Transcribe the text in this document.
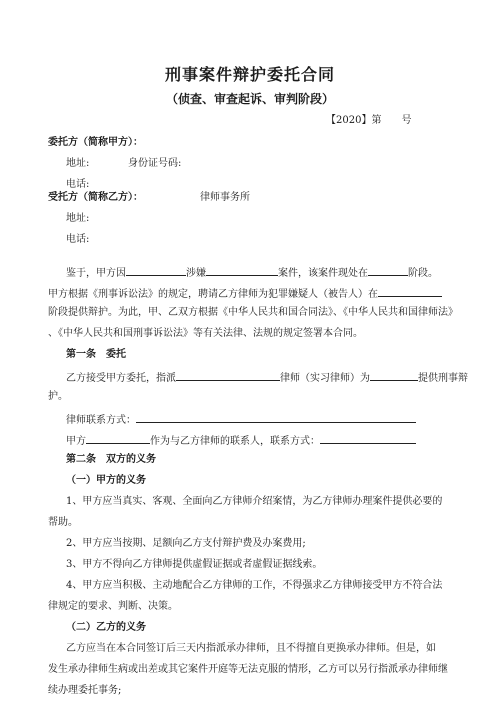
刑事案件辩护委托合同
（侦查、审查起诉、审判阶段）
【2020】第　　号
委托方（简称甲方）：
地址:	身份证号码:
电话:
受托方（简称乙方）：	律师事务所
地址:
电话:
鉴于，甲方因	涉嫌	案件，该案件现处在	阶段。
甲方根据《刑事诉讼法》的规定，聘请乙方律师为犯罪嫌疑人（被告人）在
阶段提供辩护。为此，甲、乙双方根据《中华人民共和国合同法》、《中华人民共和国律师法》
、《中华人民共和国刑事诉讼法》等有关法律、法规的规定签署本合同。
第一条　委托
乙方接受甲方委托，指派	律师（实习律师）为	提供刑事辩
护。
律师联系方式：
甲方	作为与乙方律师的联系人，联系方式：
第二条　双方的义务
（一）甲方的义务
1、甲方应当真实、客观、全面向乙方律师介绍案情，为乙方律师办理案件提供必要的
帮助。
2、甲方应当按期、足额向乙方支付辩护费及办案费用;
3、甲方不得向乙方律师提供虚假证据或者虚假证据线索。
4、甲方应当积极、主动地配合乙方律师的工作，不得强求乙方律师接受甲方不符合法
律规定的要求、判断、决策。
（二）乙方的义务
乙方应当在本合同签订后三天内指派承办律师，且不得擅自更换承办律师。但是，如
发生承办律师生病或出差或其它案件开庭等无法克服的情形，乙方可以另行指派承办律师继
续办理委托事务;
